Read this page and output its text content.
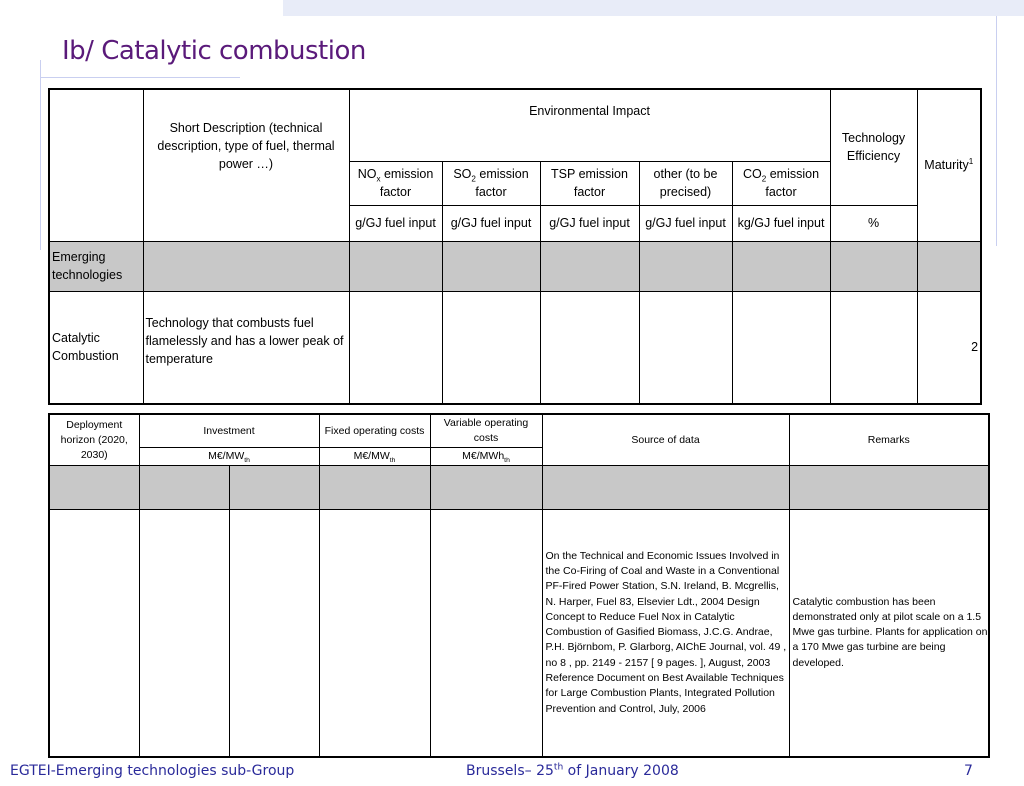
Ib/ Catalytic combustion
	Short Description (technical description, type of fuel, thermal power …)	Environmental Impact					Technology Efficiency	Maturity$^1$
		$NO_x$ emission factor	$SO_2$ emission factor	TSP emission factor	other (to be precised)	$CO_2$ emission factor		
		g/GJ fuel input	g/GJ fuel input	g/GJ fuel input	g/GJ fuel input	kg/GJ fuel input	%	
Emerging technologies								
Catalytic Combustion	Technology that combusts fuel flamelessly and has a lower peak of temperature							2
Deployment horizon (2020, 2030)	Investment		Fixed operating costs	Variable operating costs	Source of data	Remarks
	$M€/MW_{th}$		$M€/MW_{th}$	M€/MWh$_{th}$

					On the Technical and Economic Issues Involved in the Co-Firing of Coal and Waste in a Conventional PF-Fired Power Station, S.N. Ireland, B. Mcgrellis, N. Harper, Fuel 83, Elsevier Ldt., 2004 Design Concept to Reduce Fuel Nox in Catalytic Combustion of Gasified Biomass, J.C.G. Andrae, P.H. Björnbom, P. Glarborg, AIChE Journal, vol. 49 , no 8 , pp. 2149 - 2157 [ 9 pages. ], August, 2003 Reference Document on Best Available Techniques for Large Combustion Plants, Integrated Pollution Prevention and Control, July, 2006	Catalytic combustion has been demonstrated only at pilot scale on a 1.5 Mwe gas turbine. Plants for application on a 170 Mwe gas turbine are being developed.
EGTEI-Emerging technologies sub-Group	Brussels– 25th of January 2008	7
